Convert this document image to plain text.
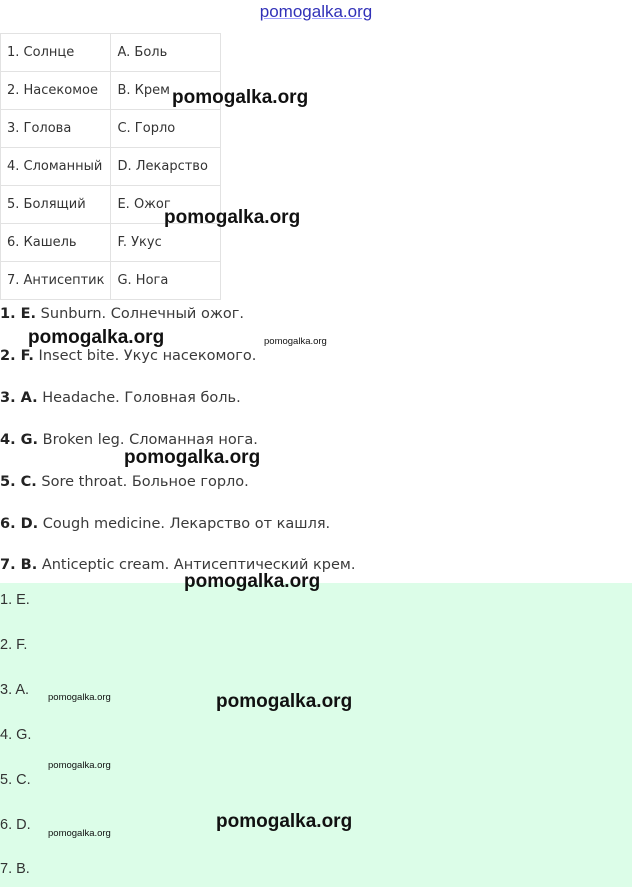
pomogalka.org
1. Солнце	A. Боль
2. Насекомое	B. Крем
3. Голова	C. Горло
4. Сломанный	D. Лекарство
5. Болящий	E. Ожог
6. Кашель	F. Укус
7. Антисептик	G. Нога
1. E. Sunburn. Солнечный ожог.
2. F. Insect bite. Укус насекомого.
3. A. Headache. Головная боль.
4. G. Broken leg. Сломанная нога.
5. C. Sore throat. Больное горло.
6. D. Cough medicine. Лекарство от кашля.
7. B. Anticeptic cream. Антисептический крем.
1. E.
2. F.
3. A.
4. G.
5. C.
6. D.
7. B.
pomogalka.org
pomogalka.org
pomogalka.org	pomogalka.org
pomogalka.org
pomogalka.org
pomogalka.org	pomogalka.org
pomogalka.org
pomogalka.org
pomogalka.org
